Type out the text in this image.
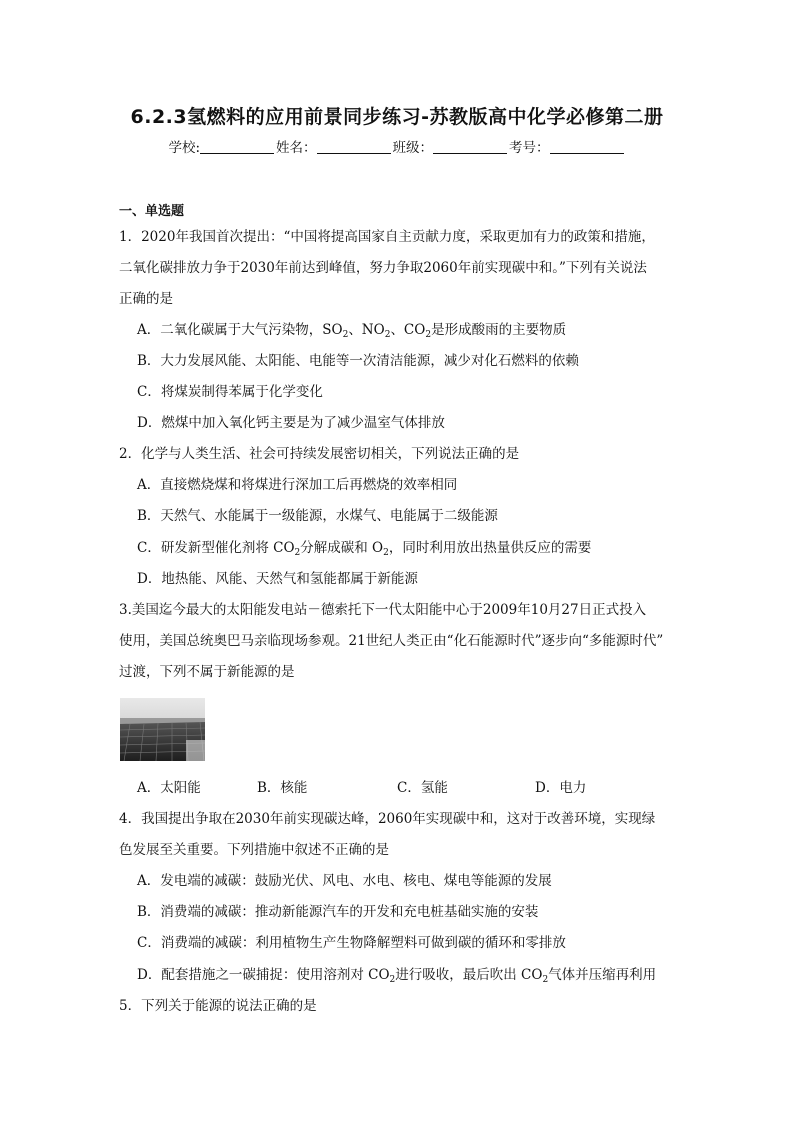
6.2.3氢燃料的应用前景同步练习-苏教版高中化学必修第二册
学校:	姓名：	班级：	考号：
一、单选题
1．2020年我国首次提出：“中国将提高国家自主贡献力度，采取更加有力的政策和措施，
二氧化碳排放力争于2030年前达到峰值，努力争取2060年前实现碳中和。”下列有关说法
正确的是
A．二氧化碳属于大气污染物，$SO_2$、$NO_2$、$CO_2$是形成酸雨的主要物质
B．大力发展风能、太阳能、电能等一次清洁能源，减少对化石燃料的依赖
C．将煤炭制得苯属于化学变化
D．燃煤中加入氧化钙主要是为了减少温室气体排放
2．化学与人类生活、社会可持续发展密切相关，下列说法正确的是
A．直接燃烧煤和将煤进行深加工后再燃烧的效率相同
B．天然气、水能属于一级能源，水煤气、电能属于二级能源
C．研发新型催化剂将 $CO_2$分解成碳和 $O_2$，同时利用放出热量供反应的需要
D．地热能、风能、天然气和氢能都属于新能源
3.美国迄今最大的太阳能发电站－德索托下一代太阳能中心于2009年10月27日正式投入
使用，美国总统奥巴马亲临现场参观。21世纪人类正由“化石能源时代”逐步向“多能源时代”
过渡，下列不属于新能源的是
A．太阳能	B．核能	C．氢能	D．电力
4．我国提出争取在2030年前实现碳达峰，2060年实现碳中和，这对于改善环境，实现绿
色发展至关重要。下列措施中叙述不正确的是
A．发电端的减碳：鼓励光伏、风电、水电、核电、煤电等能源的发展
B．消费端的减碳：推动新能源汽车的开发和充电桩基础实施的安装
C．消费端的减碳：利用植物生产生物降解塑料可做到碳的循环和零排放
D．配套措施之一碳捕捉：使用溶剂对 $CO_2$进行吸收，最后吹出 $CO_2$气体并压缩再利用
5．下列关于能源的说法正确的是
